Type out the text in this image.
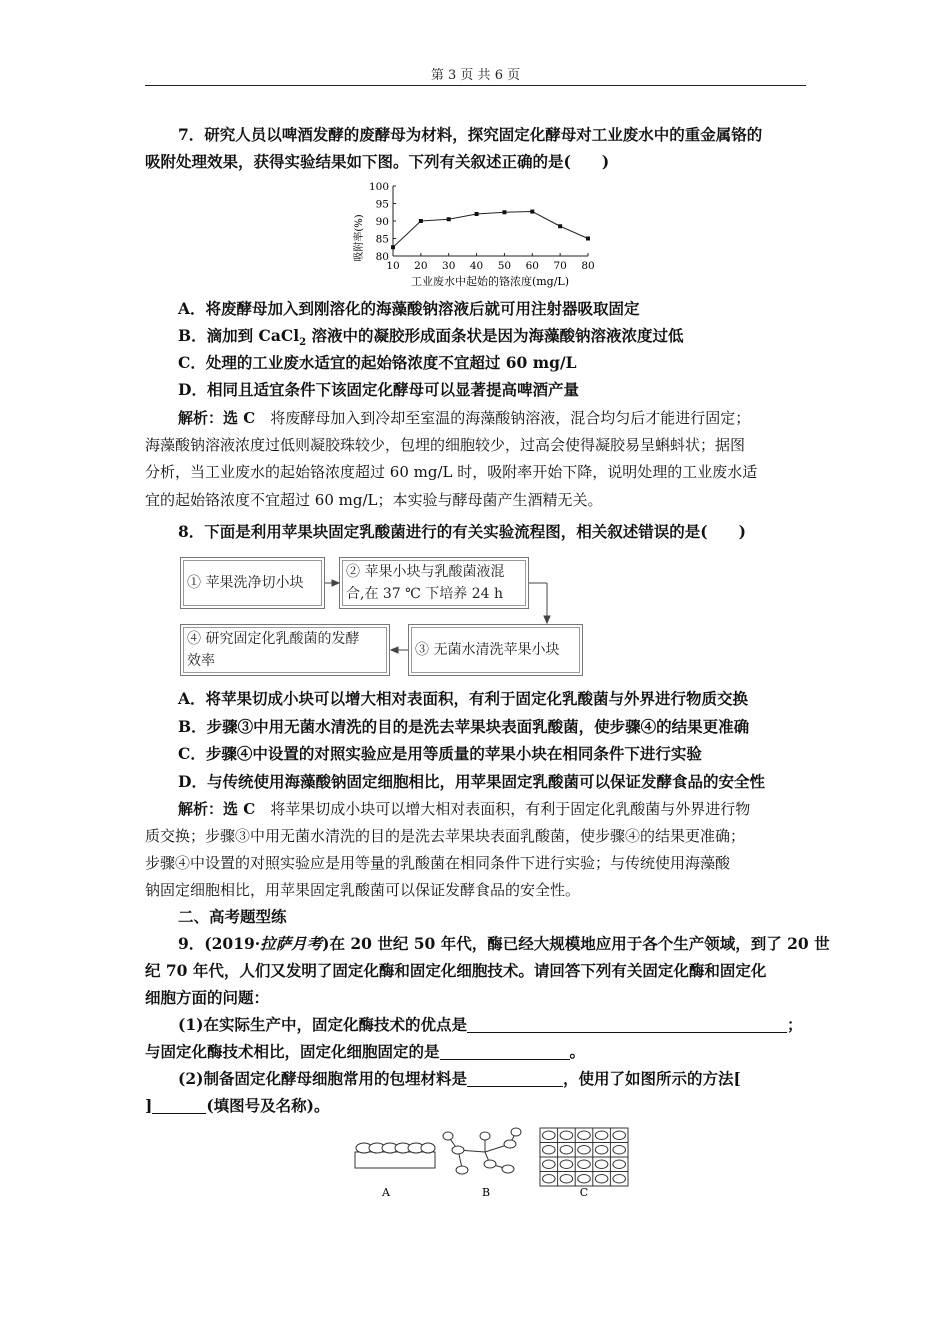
第 3 页 共 6 页
7．研究人员以啤酒发酵的废酵母为材料，探究固定化酵母对工业废水中的重金属铬的
吸附处理效果，获得实验结果如下图。下列有关叙述正确的是(　　)
吸附率(%) 80
85
90
95
100
10 20 30 40 50 60 70 80
工业废水中起始的铬浓度(mg/L)
A．将废酵母加入到刚溶化的海藻酸钠溶液后就可用注射器吸取固定
B．滴加到 CaCl$_2$ 溶液中的凝胶形成面条状是因为海藻酸钠溶液浓度过低
C．处理的工业废水适宜的起始铬浓度不宜超过 60 mg/L
D．相同且适宜条件下该固定化酵母可以显著提高啤酒产量
解析：选 C　将废酵母加入到冷却至室温的海藻酸钠溶液，混合均匀后才能进行固定；
海藻酸钠溶液浓度过低则凝胶珠较少，包埋的细胞较少，过高会使得凝胶易呈蝌蚪状；据图
分析，当工业废水的起始铬浓度超过 60 mg/L 时，吸附率开始下降，说明处理的工业废水适
宜的起始铬浓度不宜超过 60 mg/L；本实验与酵母菌产生酒精无关。
8．下面是利用苹果块固定乳酸菌进行的有关实验流程图，相关叙述错误的是(　　)
① 苹果洗净切小块
② 苹果小块与乳酸菌液混
合,在 37 ℃ 下培养 24 h
④ 研究固定化乳酸菌的发酵
效率
③ 无菌水清洗苹果小块
A．将苹果切成小块可以增大相对表面积，有利于固定化乳酸菌与外界进行物质交换
B．步骤③中用无菌水清洗的目的是洗去苹果块表面乳酸菌，使步骤④的结果更准确
C．步骤④中设置的对照实验应是用等质量的苹果小块在相同条件下进行实验
D．与传统使用海藻酸钠固定细胞相比，用苹果固定乳酸菌可以保证发酵食品的安全性
解析：选 C　将苹果切成小块可以增大相对表面积，有利于固定化乳酸菌与外界进行物
质交换；步骤③中用无菌水清洗的目的是洗去苹果块表面乳酸菌，使步骤④的结果更准确；
步骤④中设置的对照实验应是用等量的乳酸菌在相同条件下进行实验；与传统使用海藻酸
钠固定细胞相比，用苹果固定乳酸菌可以保证发酵食品的安全性。
二、高考题型练
9．(2019·拉萨月考)在 20 世纪 50 年代，酶已经大规模地应用于各个生产领域，到了 20 世
纪 70 年代，人们又发明了固定化酶和固定化细胞技术。请回答下列有关固定化酶和固定化
细胞方面的问题：
(1)在实际生产中，固定化酶技术的优点是	；
与固定化酶技术相比，固定化细胞固定的是	。
(2)制备固定化酵母细胞常用的包埋材料是	，使用了如图所示的方法[
]	(填图号及名称)。
A	B	C
